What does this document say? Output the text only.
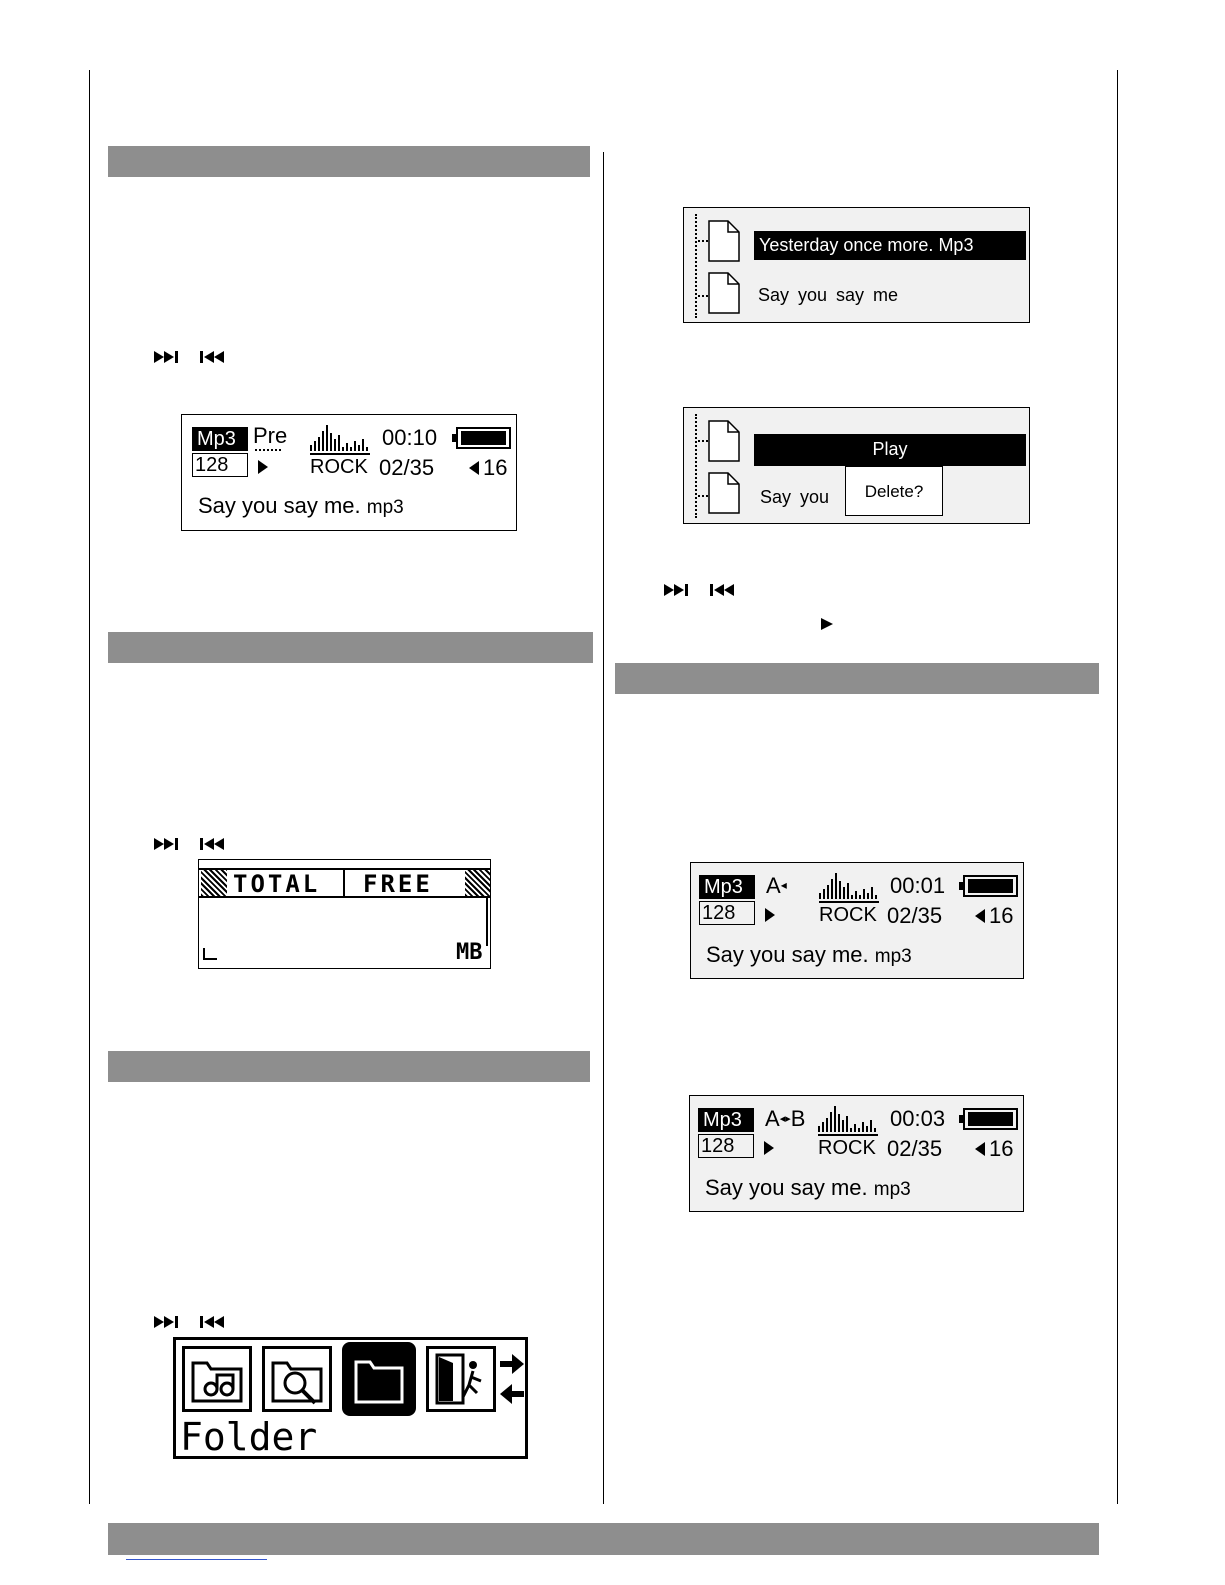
Mp3
128
Pre
ROCK
00:10
02/35 16
Say you say me. mp3
TOTAL FREE
MB
Folder
Yesterday once more. Mp3
Say you say me
Play
Say you	Delete?
Mp3
128
A◂
ROCK
00:01
02/35 16
Say you say me. mp3
Mp3
128
A◂▸B
ROCK
00:03
02/35 16
Say you say me. mp3
